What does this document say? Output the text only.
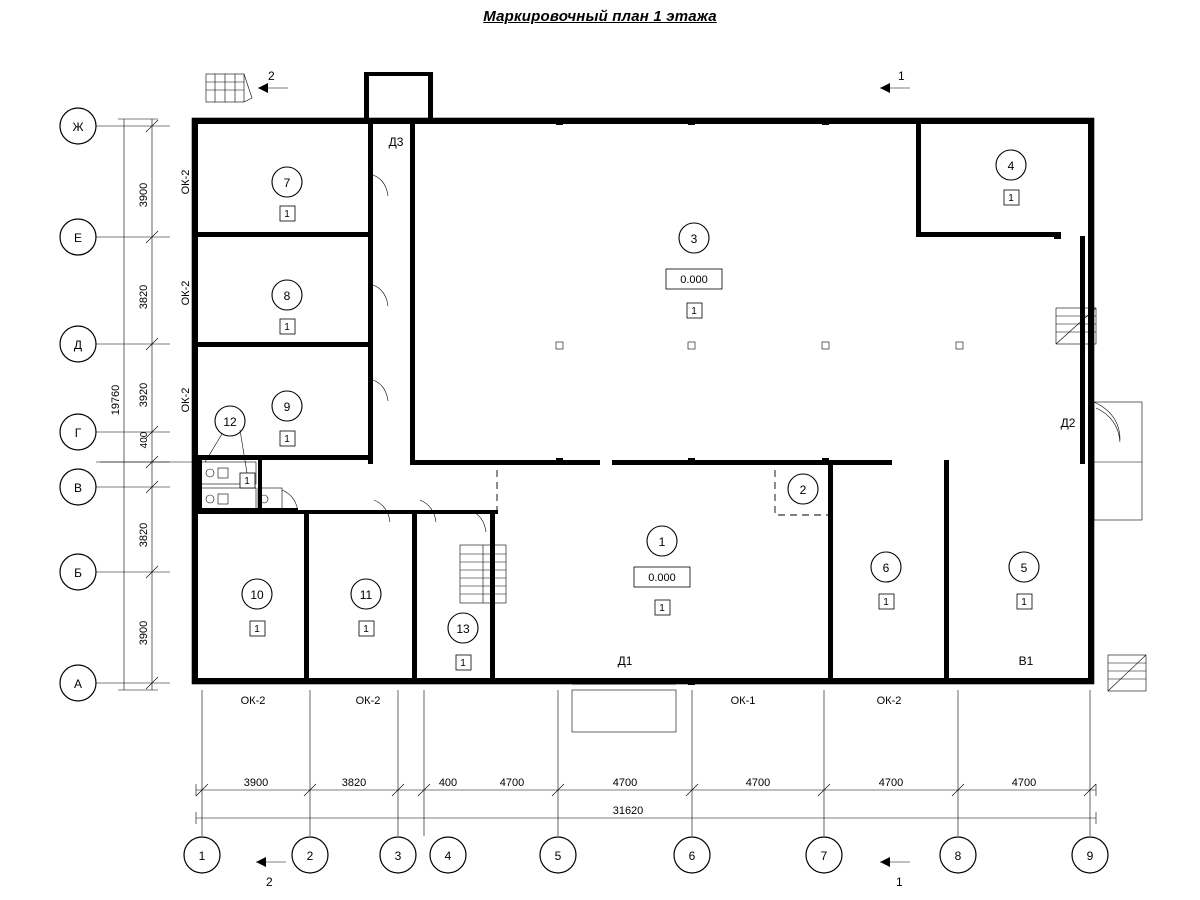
Маркировочный план 1 этажа
Ж
Е
Д
Г
В
Б
А
3900
3820
3920
400
3820
3900
19760
7
1
8
1
9
1
12
1
3
0.000
1
4
1
2
1
0.000
1
6
1
5
1
10
1
11
1	13
1
ОК-2
ОК-2
ОК-2
ОК-2	ОК-2	ОК-1	ОК-2
Д3
Д2
Д1	В1
2	1
2	1
3900	3820	400	4700	4700	4700	4700	4700
31620
1	2	3	4	5	6	7	8	9
